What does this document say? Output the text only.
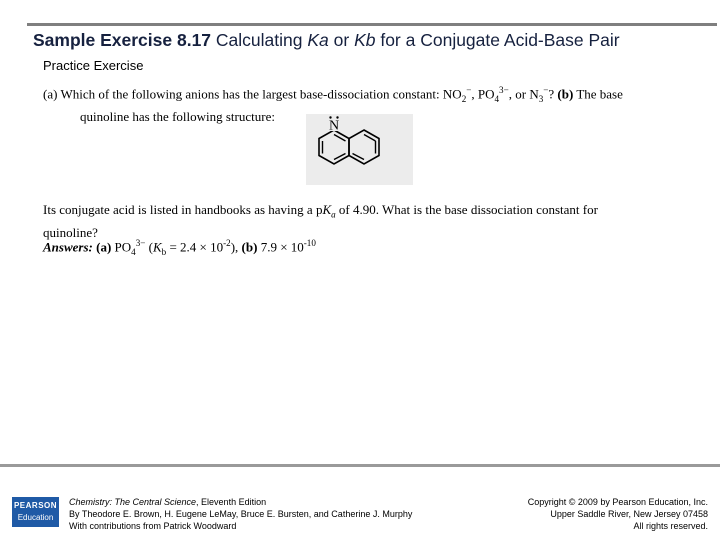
Sample Exercise 8.17 Calculating Ka or Kb for a Conjugate Acid-Base Pair
Practice Exercise
(a) Which of the following anions has the largest base-dissociation constant: $NO_2^-$, $PO_4^{3-}$, or $N_3^-$? (b) The base
quinoline has the following structure:
N
Its conjugate acid is listed in handbooks as having a $pK_a$ of 4.90. What is the base dissociation constant for quinoline?
Answers: (a) $PO_4^{3-}$ $(K_b = 2.4 \times 10^{-2})$, (b) $7.9 \times 10^{-10}$
PEARSON
Education
Chemistry: The Central Science, Eleventh Edition
By Theodore E. Brown, H. Eugene LeMay, Bruce E. Bursten, and Catherine J. Murphy
With contributions from Patrick Woodward
Copyright © 2009 by Pearson Education, Inc.
Upper Saddle River, New Jersey 07458
All rights reserved.
